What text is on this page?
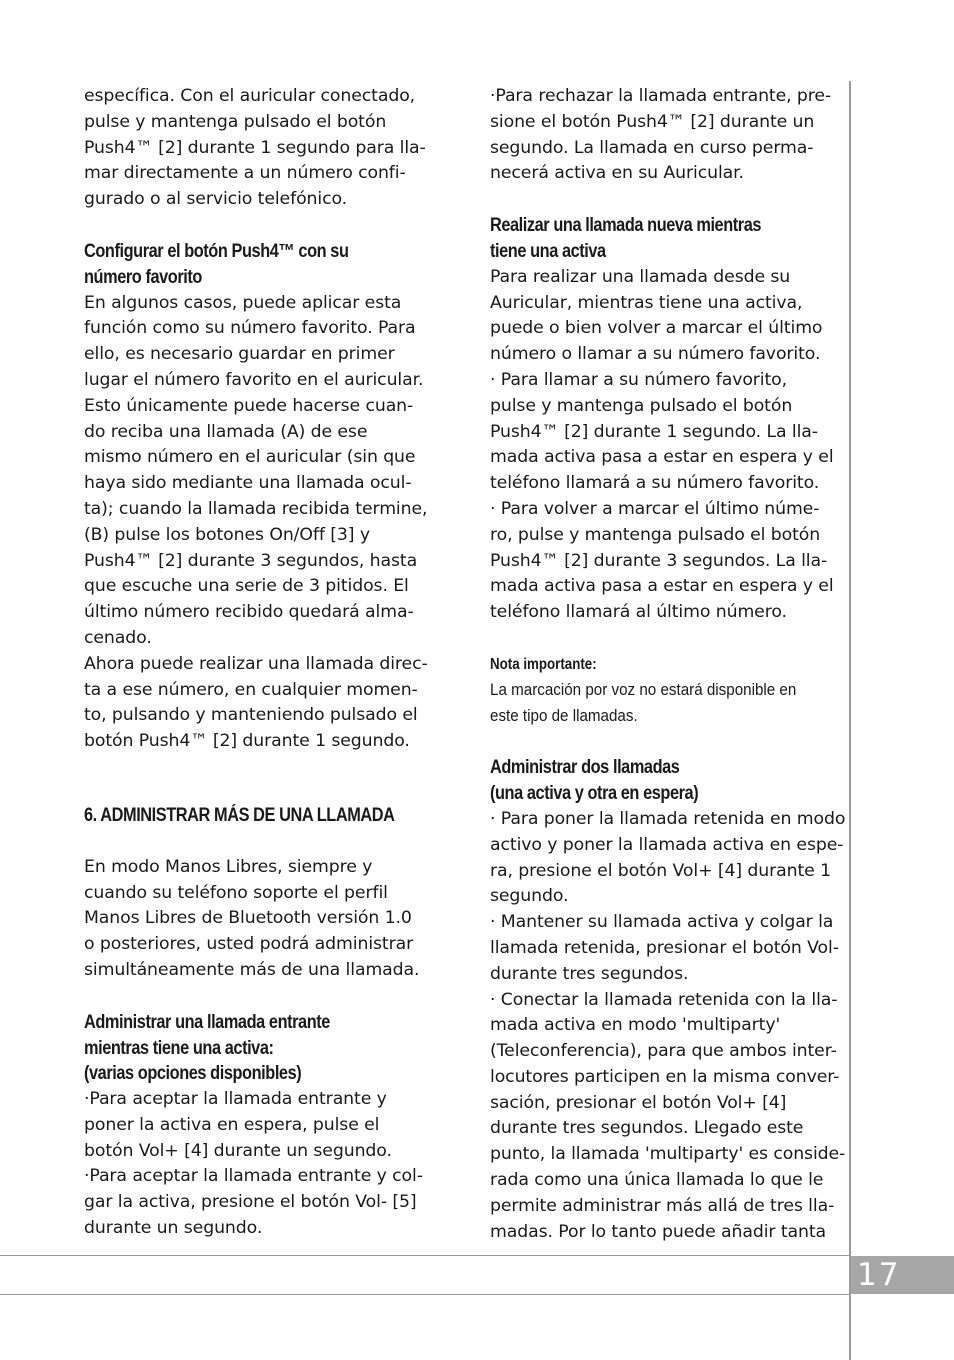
17

específica. Con el auricular conectado,
pulse y mantenga pulsado el botón
Push4™ [2] durante 1 segundo para lla-
mar directamente a un número confi-
gurado o al servicio telefónico.

Configurar el botón Push4™ con su
número favorito

En algunos casos, puede aplicar esta
función como su número favorito. Para
ello, es necesario guardar en primer
lugar el número favorito en el auricular.
Esto únicamente puede hacerse cuan-
do reciba una llamada (A) de ese
mismo número en el auricular (sin que
haya sido mediante una llamada ocul-
ta); cuando la llamada recibida termine,
(B) pulse los botones On/Off [3] y
Push4™ [2] durante 3 segundos, hasta
que escuche una serie de 3 pitidos. El
último número recibido quedará alma-
cenado.
Ahora puede realizar una llamada direc-
ta a ese número, en cualquier momen-
to, pulsando y manteniendo pulsado el
botón Push4™ [2] durante 1 segundo.

6. ADMINISTRAR MÁS DE UNA LLAMADA

En modo Manos Libres, siempre y
cuando su teléfono soporte el perfil
Manos Libres de Bluetooth versión 1.0
o posteriores, usted podrá administrar
simultáneamente más de una llamada.

Administrar una llamada entrante
mientras tiene una activa:
(varias opciones disponibles)

·Para aceptar la llamada entrante y
poner la activa en espera, pulse el
botón Vol+ [4] durante un segundo.
·Para aceptar la llamada entrante y col-
gar la activa, presione el botón Vol- [5]
durante un segundo.

·Para rechazar la llamada entrante, pre-
sione el botón Push4™ [2] durante un
segundo. La llamada en curso perma-
necerá activa en su Auricular.

Realizar una llamada nueva mientras
tiene una activa

Para realizar una llamada desde su
Auricular, mientras tiene una activa,
puede o bien volver a marcar el último
número o llamar a su número favorito.
· Para llamar a su número favorito,
pulse y mantenga pulsado el botón
Push4™ [2] durante 1 segundo. La lla-
mada activa pasa a estar en espera y el
teléfono llamará a su número favorito.
· Para volver a marcar el último núme-
ro, pulse y mantenga pulsado el botón
Push4™ [2] durante 3 segundos. La lla-
mada activa pasa a estar en espera y el
teléfono llamará al último número.

Nota importante:

La marcación por voz no estará disponible en
este tipo de llamadas.

Administrar dos llamadas
(una activa y otra en espera)

· Para poner la llamada retenida en modo
activo y poner la llamada activa en espe-
ra, presione el botón Vol+ [4] durante 1
segundo.
· Mantener su llamada activa y colgar la
llamada retenida, presionar el botón Vol-
durante tres segundos.
· Conectar la llamada retenida con la lla-
mada activa en modo 'multiparty'
(Teleconferencia), para que ambos inter-
locutores participen en la misma conver-
sación, presionar el botón Vol+ [4]
durante tres segundos. Llegado este
punto, la llamada 'multiparty' es conside-
rada como una única llamada lo que le
permite administrar más allá de tres lla-
madas. Por lo tanto puede añadir tanta
